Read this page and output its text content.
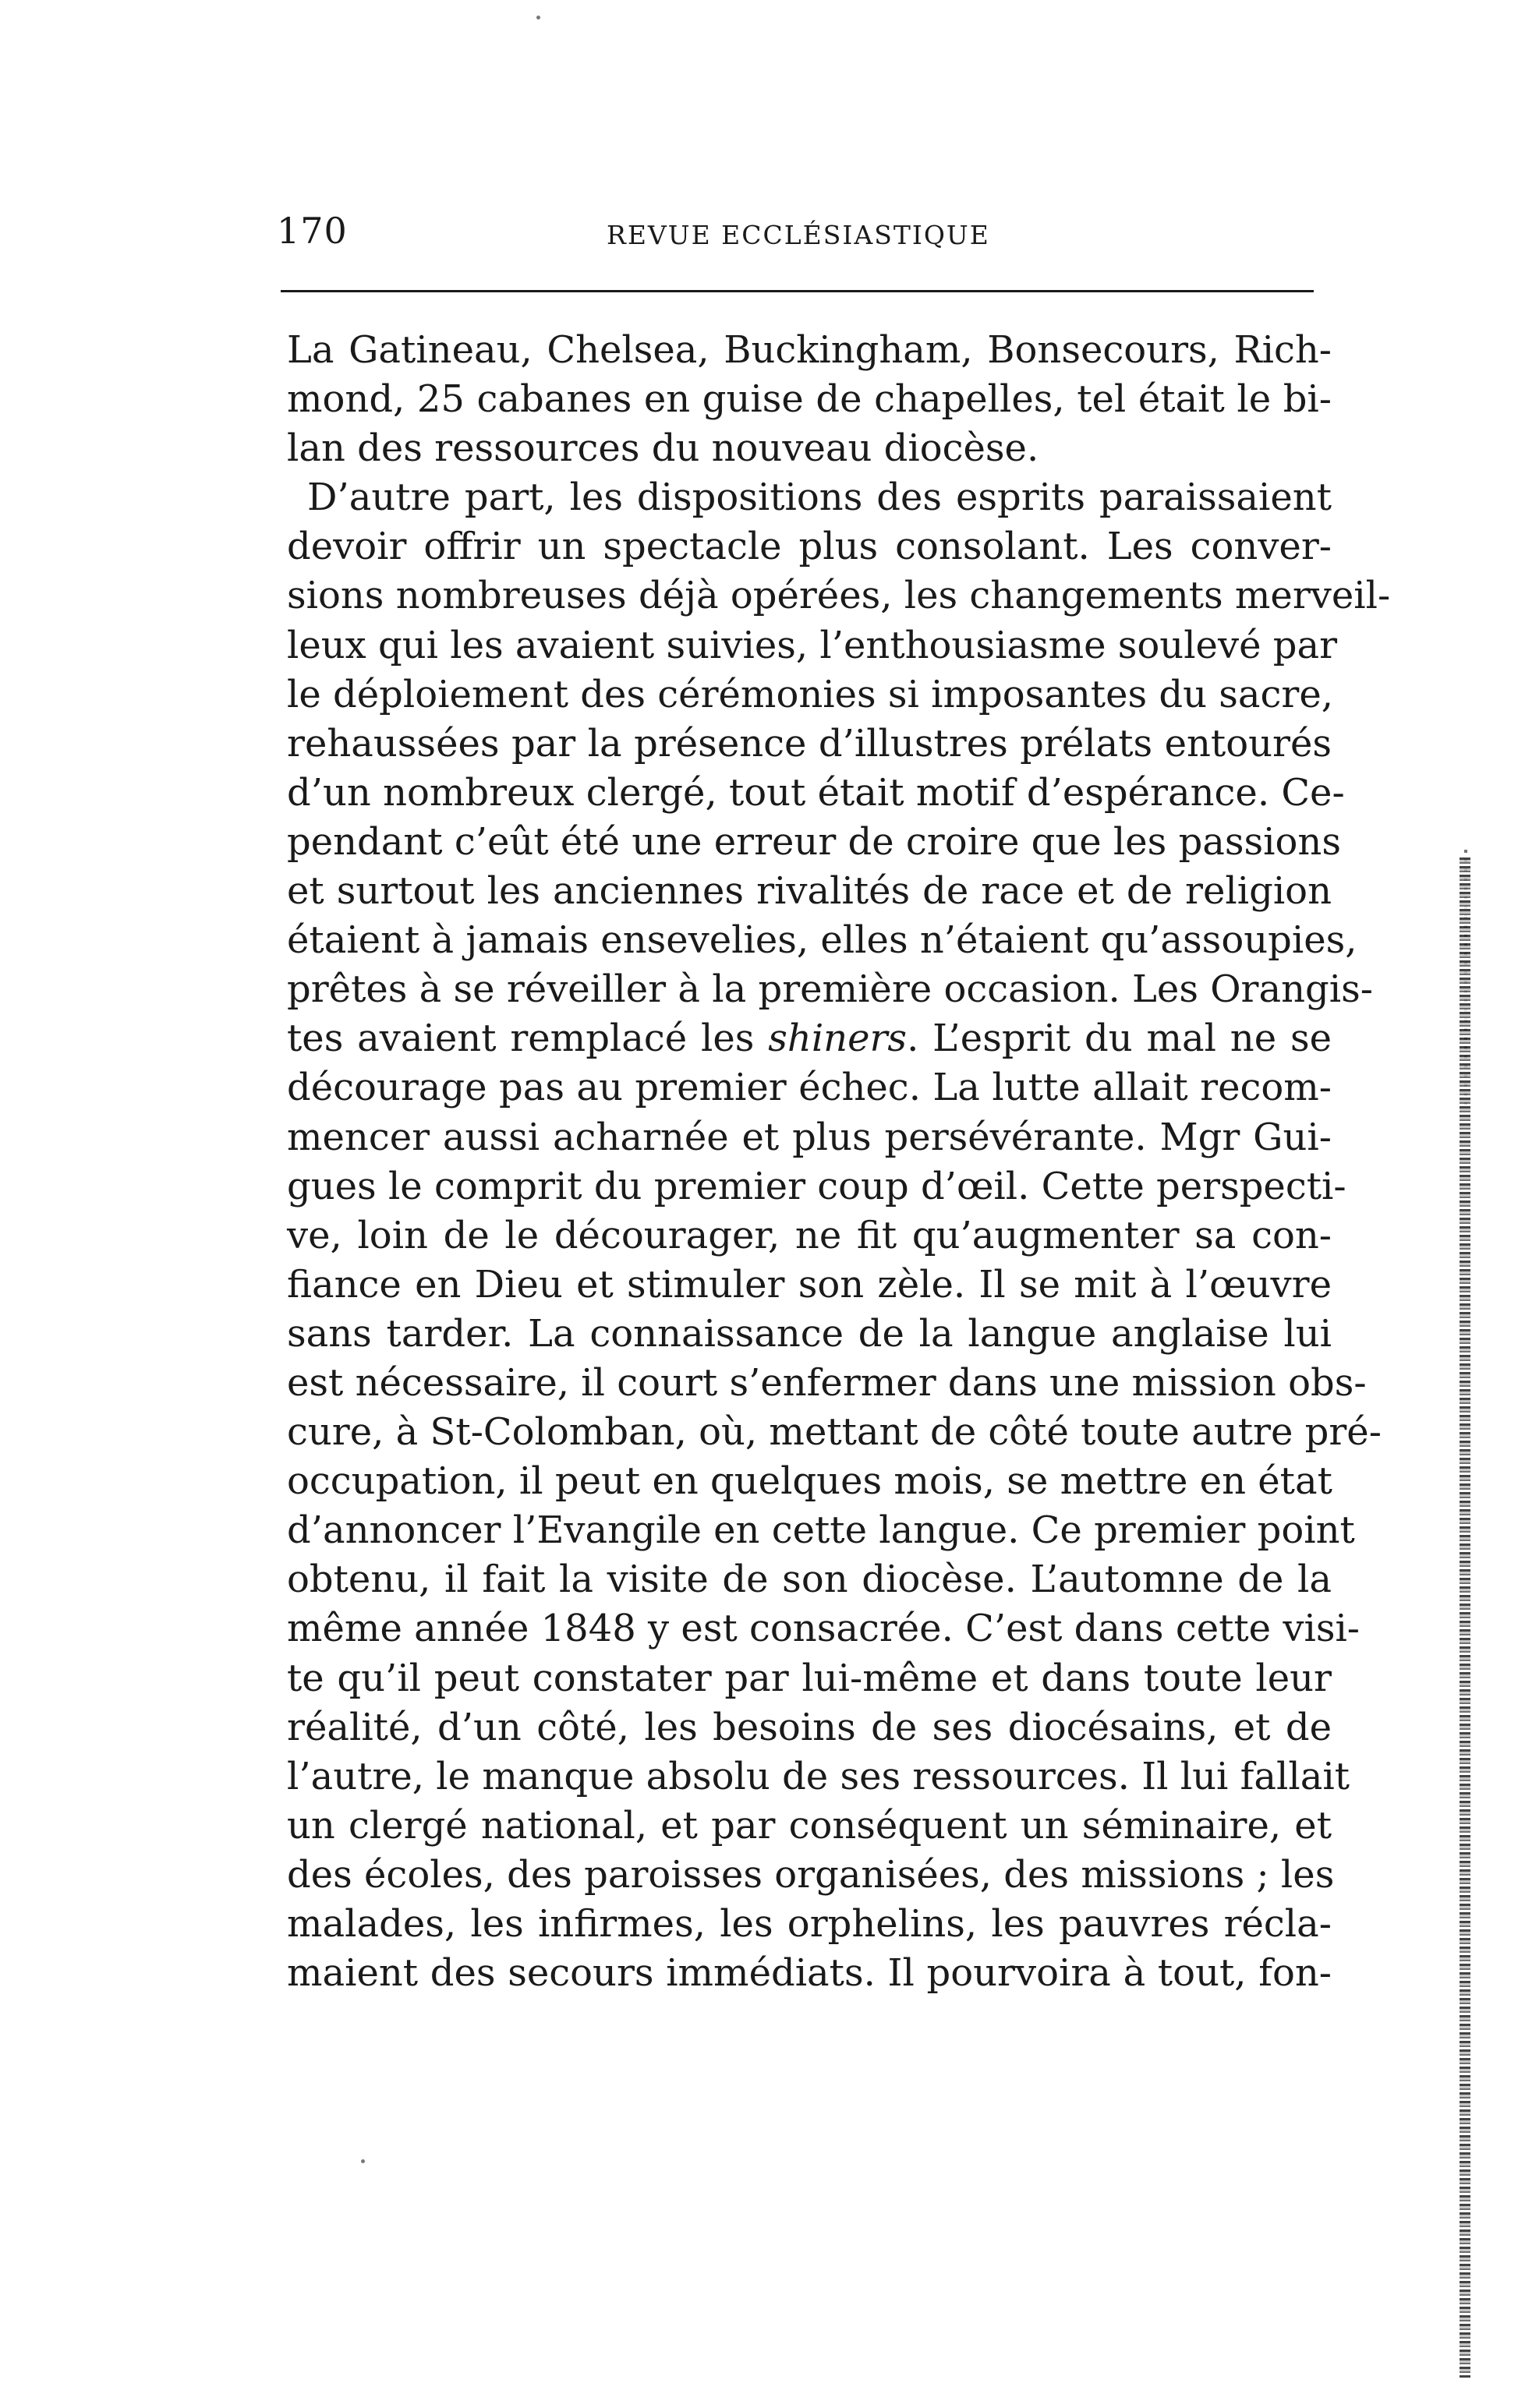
170	REVUE ECCLÉSIASTIQUE
La Gatineau, Chelsea, Buckingham, Bonsecours, Rich-
mond, 25 cabanes en guise de chapelles, tel était le bi-
lan des ressources du nouveau diocèse.
D’autre part, les dispositions des esprits paraissaient
devoir offrir un spectacle plus consolant. Les conver-
sions nombreuses déjà opérées, les changements merveil-
leux qui les avaient suivies, l’enthousiasme soulevé par
le déploiement des cérémonies si imposantes du sacre,
rehaussées par la présence d’illustres prélats entourés
d’un nombreux clergé, tout était motif d’espérance. Ce-
pendant c’eût été une erreur de croire que les passions
et surtout les anciennes rivalités de race et de religion
étaient à jamais ensevelies, elles n’étaient qu’assoupies,
prêtes à se réveiller à la première occasion. Les Orangis-
tes avaient remplacé les shiners. L’esprit du mal ne se
décourage pas au premier échec. La lutte allait recom-
mencer aussi acharnée et plus persévérante. Mgr Gui-
gues le comprit du premier coup d’œil. Cette perspecti-
ve, loin de le décourager, ne fit qu’augmenter sa con-
fiance en Dieu et stimuler son zèle. Il se mit à l’œuvre
sans tarder. La connaissance de la langue anglaise lui
est nécessaire, il court s’enfermer dans une mission obs-
cure, à St-Colomban, où, mettant de côté toute autre pré-
occupation, il peut en quelques mois, se mettre en état
d’annoncer l’Evangile en cette langue. Ce premier point
obtenu, il fait la visite de son diocèse. L’automne de la
même année 1848 y est consacrée. C’est dans cette visi-
te qu’il peut constater par lui-même et dans toute leur
réalité, d’un côté, les besoins de ses diocésains, et de
l’autre, le manque absolu de ses ressources. Il lui fallait
un clergé national, et par conséquent un séminaire, et
des écoles, des paroisses organisées, des missions ; les
malades, les infirmes, les orphelins, les pauvres récla-
maient des secours immédiats. Il pourvoira à tout, fon-
